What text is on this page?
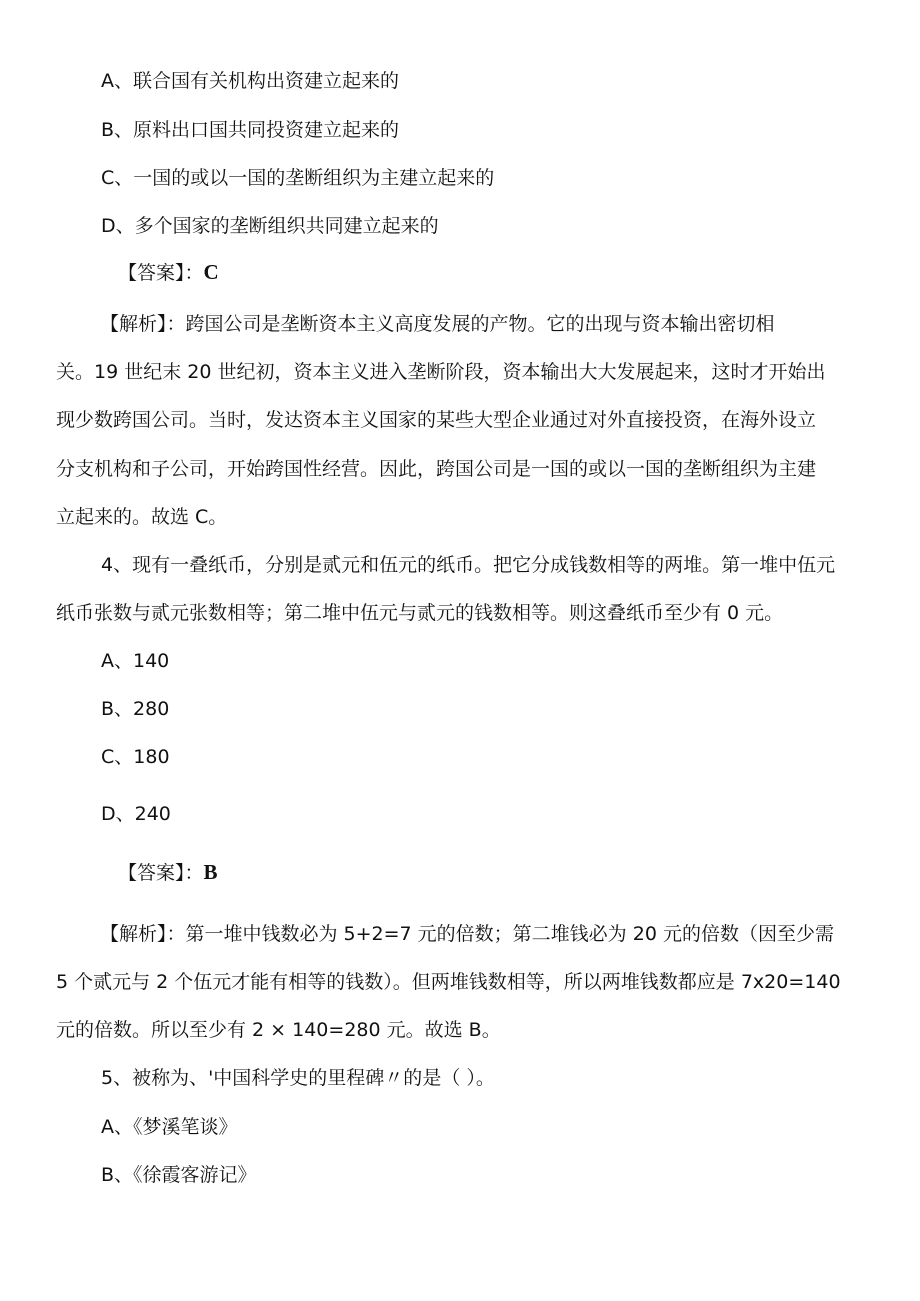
A、联合国有关机构出资建立起来的
B、原料出口国共同投资建立起来的
C、一国的或以一国的垄断组织为主建立起来的
D、多个国家的垄断组织共同建立起来的
【答案】：C
【解析】：跨国公司是垄断资本主义高度发展的产物。它的出现与资本输出密切相
关。19 世纪末 20 世纪初，资本主义进入垄断阶段，资本输出大大发展起来，这时才开始出
现少数跨国公司。当时，发达资本主义国家的某些大型企业通过对外直接投资，在海外设立
分支机构和子公司，开始跨国性经营。因此，跨国公司是一国的或以一国的垄断组织为主建
立起来的。故选 C。
4、现有一叠纸币，分别是贰元和伍元的纸币。把它分成钱数相等的两堆。第一堆中伍元
纸币张数与贰元张数相等；第二堆中伍元与贰元的钱数相等。则这叠纸币至少有 0 元。
A、140
B、280
C、180
D、240
【答案】：B
【解析】：第一堆中钱数必为 5+2=7 元的倍数；第二堆钱必为 20 元的倍数（因至少需
5 个贰元与 2 个伍元才能有相等的钱数）。但两堆钱数相等，所以两堆钱数都应是 7x20=140
元的倍数。所以至少有 2 × 140=280 元。故选 B。
5、被称为、'中国科学史的里程碑〃的是（ ）。
A、《梦溪笔谈》
B、《徐霞客游记》
